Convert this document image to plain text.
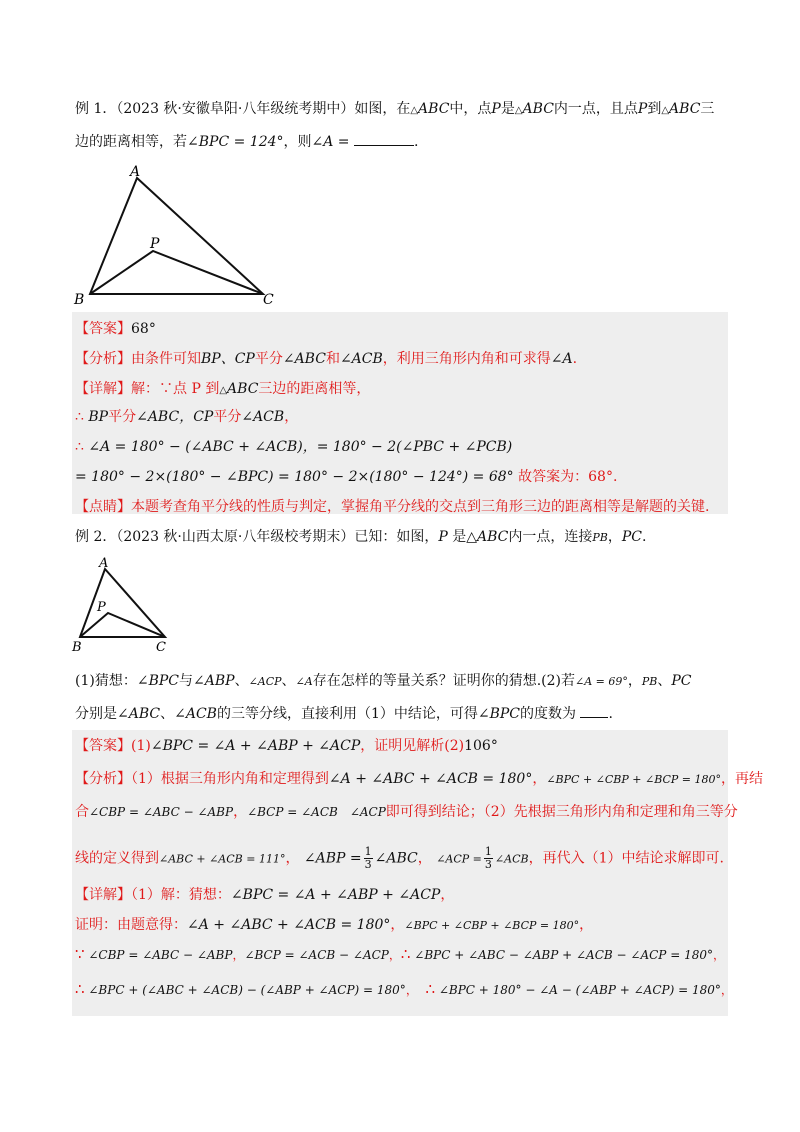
例 1．（2023 秋·安徽阜阳·八年级统考期中）如图，在△ABC中，点P是△ABC内一点，且点P到△ABC三
边的距离相等，若∠BPC = 124°，则∠A =	.
A
P
B	C
【答案】68°
【分析】由条件可知BP、CP平分∠ABC和∠ACB，利用三角形内角和可求得∠A.
【详解】解：∵点 P 到△ABC三边的距离相等，
∴ BP平分∠ABC，CP平分∠ACB，
∴ ∠A = 180° − (∠ABC + ∠ACB)，= 180° − 2(∠PBC + ∠PCB)
= 180° − 2×(180° − ∠BPC) = 180° − 2×(180° − 124°) = 68° 故答案为：68°.
【点睛】本题考查角平分线的性质与判定，掌握角平分线的交点到三角形三边的距离相等是解题的关键.
例 2．（2023 秋·山西太原·八年级校考期末）已知：如图，P 是△ABC内一点，连接PB，PC.
A
P
B	C
(1)猜想：∠BPC与∠ABP、∠ACP、∠A存在怎样的等量关系？证明你的猜想.(2)若∠A = 69°，PB、PC
分别是∠ABC、∠ACB的三等分线，直接利用（1）中结论，可得∠BPC的度数为 .
【答案】(1)∠BPC = ∠A + ∠ABP + ∠ACP，证明见解析(2)106°
【分析】（1）根据三角形内角和定理得到∠A + ∠ABC + ∠ACB = 180°，∠BPC + ∠CBP + ∠BCP = 180°，再结
合∠CBP = ∠ABC − ∠ABP，∠BCP = ∠ACB　∠ACP即可得到结论；（2）先根据三角形内角和定理和角三等分
线的定义得到∠ABC + ∠ACB = 111°， ∠ABP = $\frac{1}{3}$ ∠ABC， ∠ACP = $\frac{1}{3}$ ∠ACB，再代入（1）中结论求解即可.
【详解】（1）解：猜想：∠BPC = ∠A + ∠ABP + ∠ACP，
证明：由题意得：∠A + ∠ABC + ∠ACB = 180°，∠BPC + ∠CBP + ∠BCP = 180°，
∵ ∠CBP = ∠ABC − ∠ABP，∠BCP = ∠ACB − ∠ACP，∴ ∠BPC + ∠ABC − ∠ABP + ∠ACB − ∠ACP = 180°，
∴ ∠BPC + (∠ABC + ∠ACB) − (∠ABP + ∠ACP) = 180°， ∴ ∠BPC + 180° − ∠A − (∠ABP + ∠ACP) = 180°，
